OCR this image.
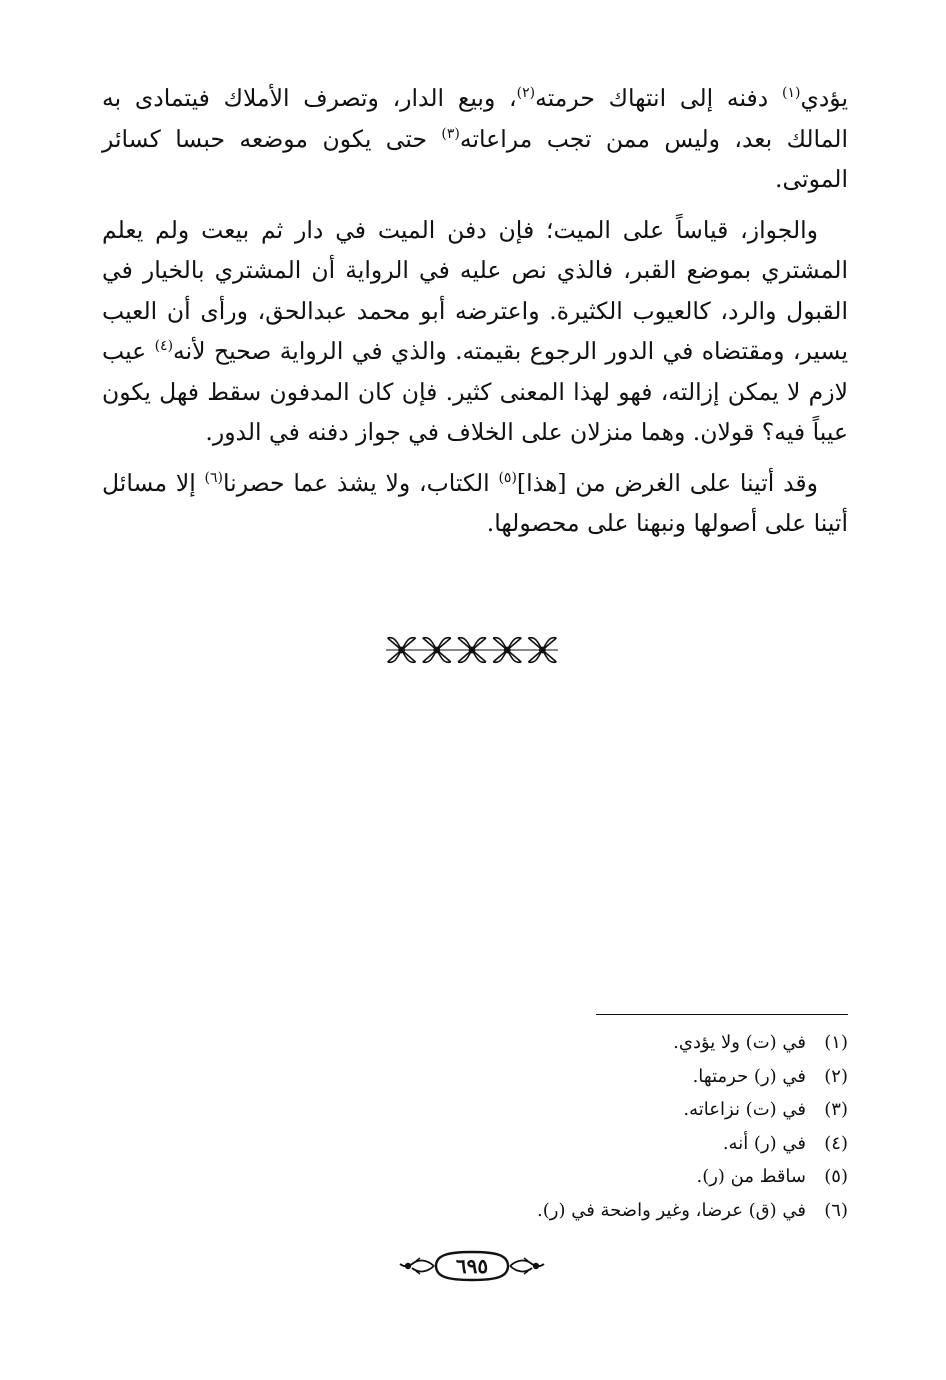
يؤدي$^{(١)}$ دفنه إلى انتهاك حرمته$^{(٢)}$، وبيع الدار، وتصرف الأملاك فيتمادى به المالك بعد، وليس ممن تجب مراعاته$^{(٣)}$ حتى يكون موضعه حبسا كسائر الموتى.

والجواز، قياساً على الميت؛ فإن دفن الميت في دار ثم بيعت ولم يعلم المشتري بموضع القبر، فالذي نص عليه في الرواية أن المشتري بالخيار في القبول والرد، كالعيوب الكثيرة. واعترضه أبو محمد عبدالحق، ورأى أن العيب يسير، ومقتضاه في الدور الرجوع بقيمته. والذي في الرواية صحيح لأنه$^{(٤)}$ عيب لازم لا يمكن إزالته، فهو لهذا المعنى كثير. فإن كان المدفون سقط فهل يكون عيباً فيه؟ قولان. وهما منزلان على الخلاف في جواز دفنه في الدور.

وقد أتينا على الغرض من [هذا]$^{(٥)}$ الكتاب، ولا يشذ عما حصرنا$^{(٦)}$ إلا مسائل أتينا على أصولها ونبهنا على محصولها.

(١)
في (ت) ولا يؤدي.
(٢)
في (ر) حرمتها.
(٣)
في (ت) نزاعاته.
(٤)
في (ر) أنه.
(٥)
ساقط من (ر).
(٦)
في (ق) عرضا، وغير واضحة في (ر).
٦٩٥
